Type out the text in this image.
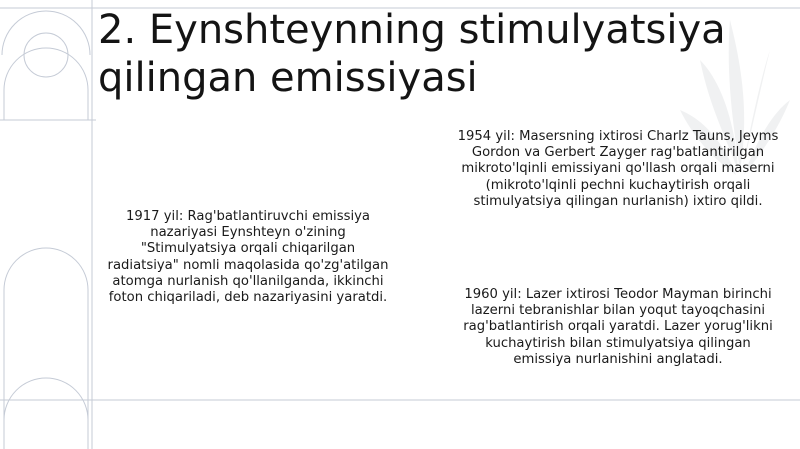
2. Eynshteynning stimulyatsiya
qilingan emissiyasi
1917 yil: Rag'batlantiruvchi emissiya
nazariyasi Eynshteyn o'zining
"Stimulyatsiya orqali chiqarilgan
radiatsiya" nomli maqolasida qo'zg'atilgan
atomga nurlanish qo'llanilganda, ikkinchi
foton chiqariladi, deb nazariyasini yaratdi.
1954 yil: Masersning ixtirosi Charlz Tauns, Jeyms
Gordon va Gerbert Zayger rag'batlantirilgan
mikroto'lqinli emissiyani qo'llash orqali maserni
(mikroto'lqinli pechni kuchaytirish orqali
stimulyatsiya qilingan nurlanish) ixtiro qildi.
1960 yil: Lazer ixtirosi Teodor Mayman birinchi
lazerni tebranishlar bilan yoqut tayoqchasini
rag'batlantirish orqali yaratdi. Lazer yorug'likni
kuchaytirish bilan stimulyatsiya qilingan
emissiya nurlanishini anglatadi.
